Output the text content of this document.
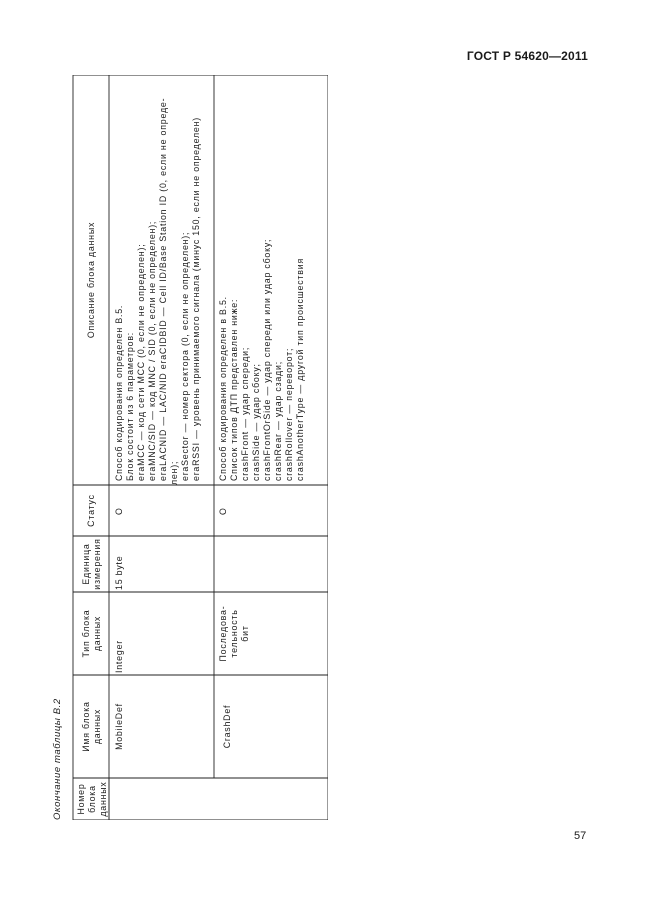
ГОСТ Р 54620—2011
Окончание таблицы В.2 Номер блока данных
Имя блока данных
Тип блока данных
Единица измерения
Статус
Описание блока данных
MobileDef
Integer
15 byte
O
Способ кодирования определен В.5. Блок состоит из 6 параметров: eraMCC — код сети MCC (0, если не определен); eraMNC/SID — код MNC / SID (0, если не определен); eraLACNID — LAC/NID eraCIDBID — Cell ID/Base Station ID (0, если не опреде- лен); eraSector — номер сектора (0, если не определен); eraRSSI — уровень принимаемого сигнала (минус 150, если не определен)
CrashDef
Последова- тельность бит
O
Способ кодирования определен в В.5. Список типов ДТП представлен ниже: crashFront — удар спереди; crashSide — удар сбоку; crashFrontOrSide — удар спереди или удар сбоку; crashRear — удар сзади; crashRollover — переворот; crashAnotherType — другой тип происшествия
57
